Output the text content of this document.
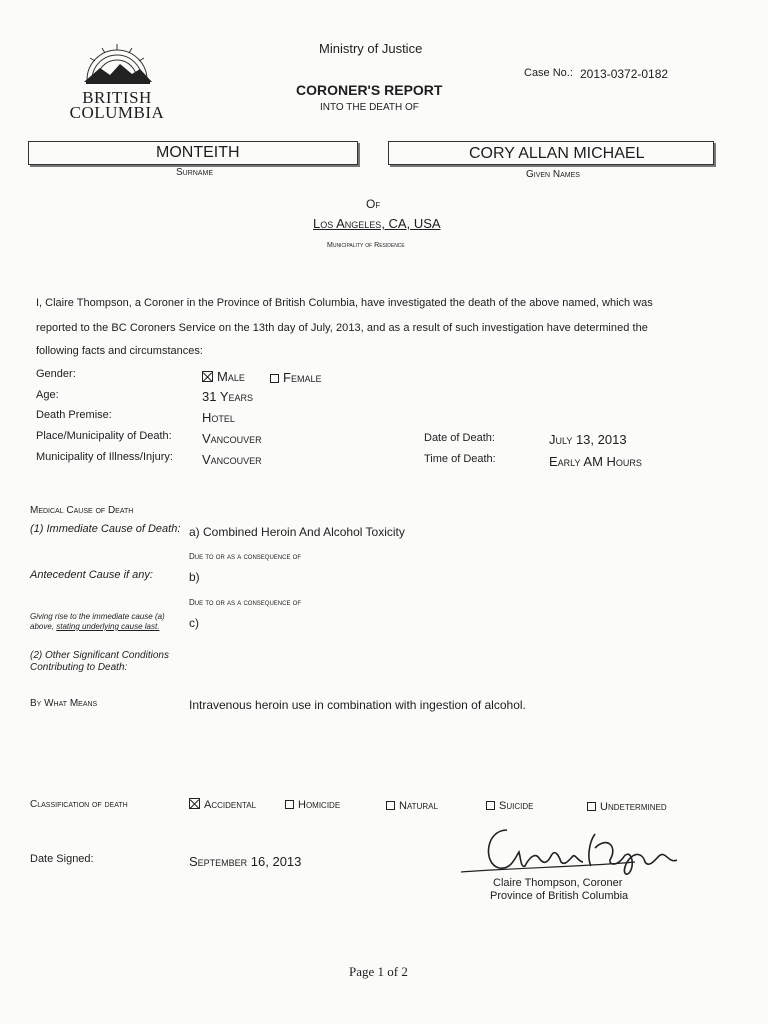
BRITISH
COLUMBIA
Ministry of Justice
CORONER'S REPORT
INTO THE DEATH OF
Case No.: 2013-0372-0182
MONTEITH
Surname
CORY ALLAN MICHAEL
Given Names
Of
Los Angeles, CA, USA
Municipality of Residence
I, Claire Thompson, a Coroner in the Province of British Columbia, have investigated the death of the above named, which was
reported to the BC Coroners Service on the 13th day of July, 2013, and as a result of such investigation have determined the
following facts and circumstances:
Gender:	Male	Female
Age:	31 Years
Death Premise:	Hotel
Place/Municipality of Death: Vancouver
Municipality of Illness/Injury: Vancouver
Date of Death:	July 13, 2013
Time of Death:	Early AM Hours
Medical Cause of Death
(1) Immediate Cause of Death: a) Combined Heroin And Alcohol Toxicity
Due to or as a consequence of
Antecedent Cause if any:	b)
Due to or as a consequence of
Giving rise to the immediate cause (a)
above, stating underlying cause last.	c)
(2) Other Significant Conditions
Contributing to Death:
By What Means	Intravenous heroin use in combination with ingestion of alcohol.
Classification of death	Accidental	Homicide	Natural	Suicide	Undetermined
Date Signed:	September 16, 2013
Claire Thompson, Coroner
Province of British Columbia
Page 1 of 2
